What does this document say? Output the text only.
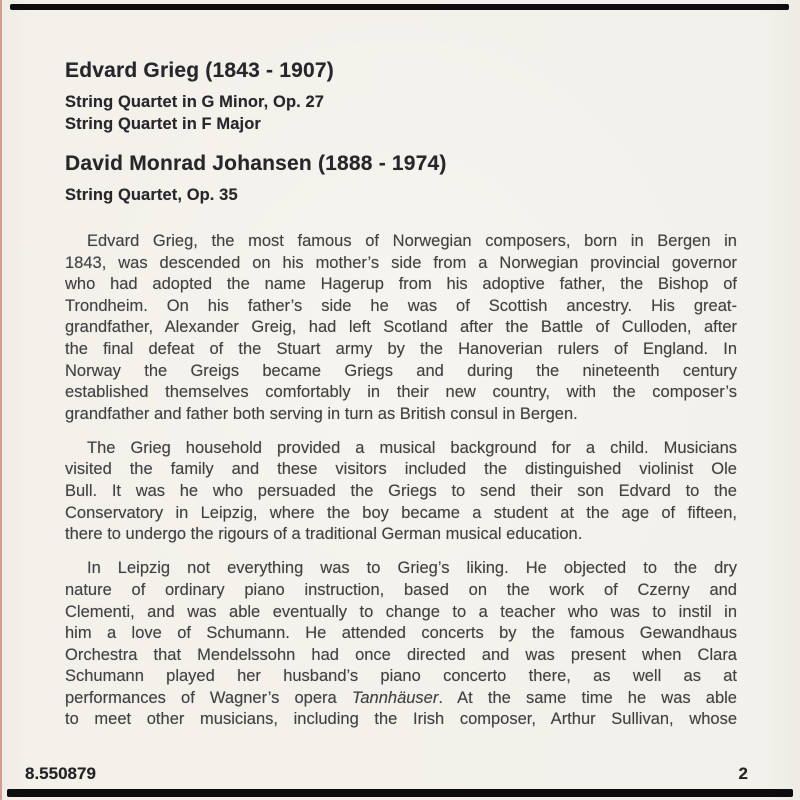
Edvard Grieg (1843 - 1907)
String Quartet in G Minor, Op. 27
String Quartet in F Major
David Monrad Johansen (1888 - 1974)
String Quartet, Op. 35
Edvard Grieg, the most famous of Norwegian composers, born in Bergen in
1843, was descended on his mother’s side from a Norwegian provincial governor
who had adopted the name Hagerup from his adoptive father, the Bishop of
Trondheim. On his father’s side he was of Scottish ancestry. His great-
grandfather, Alexander Greig, had left Scotland after the Battle of Culloden, after
the final defeat of the Stuart army by the Hanoverian rulers of England. In
Norway the Greigs became Griegs and during the nineteenth century
established themselves comfortably in their new country, with the composer’s
grandfather and father both serving in turn as British consul in Bergen.
The Grieg household provided a musical background for a child. Musicians
visited the family and these visitors included the distinguished violinist Ole
Bull. It was he who persuaded the Griegs to send their son Edvard to the
Conservatory in Leipzig, where the boy became a student at the age of fifteen,
there to undergo the rigours of a traditional German musical education.
In Leipzig not everything was to Grieg’s liking. He objected to the dry
nature of ordinary piano instruction, based on the work of Czerny and
Clementi, and was able eventually to change to a teacher who was to instil in
him a love of Schumann. He attended concerts by the famous Gewandhaus
Orchestra that Mendelssohn had once directed and was present when Clara
Schumann played her husband’s piano concerto there, as well as at
performances of Wagner’s opera Tannhäuser. At the same time he was able
to meet other musicians, including the Irish composer, Arthur Sullivan, whose
8.550879	2
